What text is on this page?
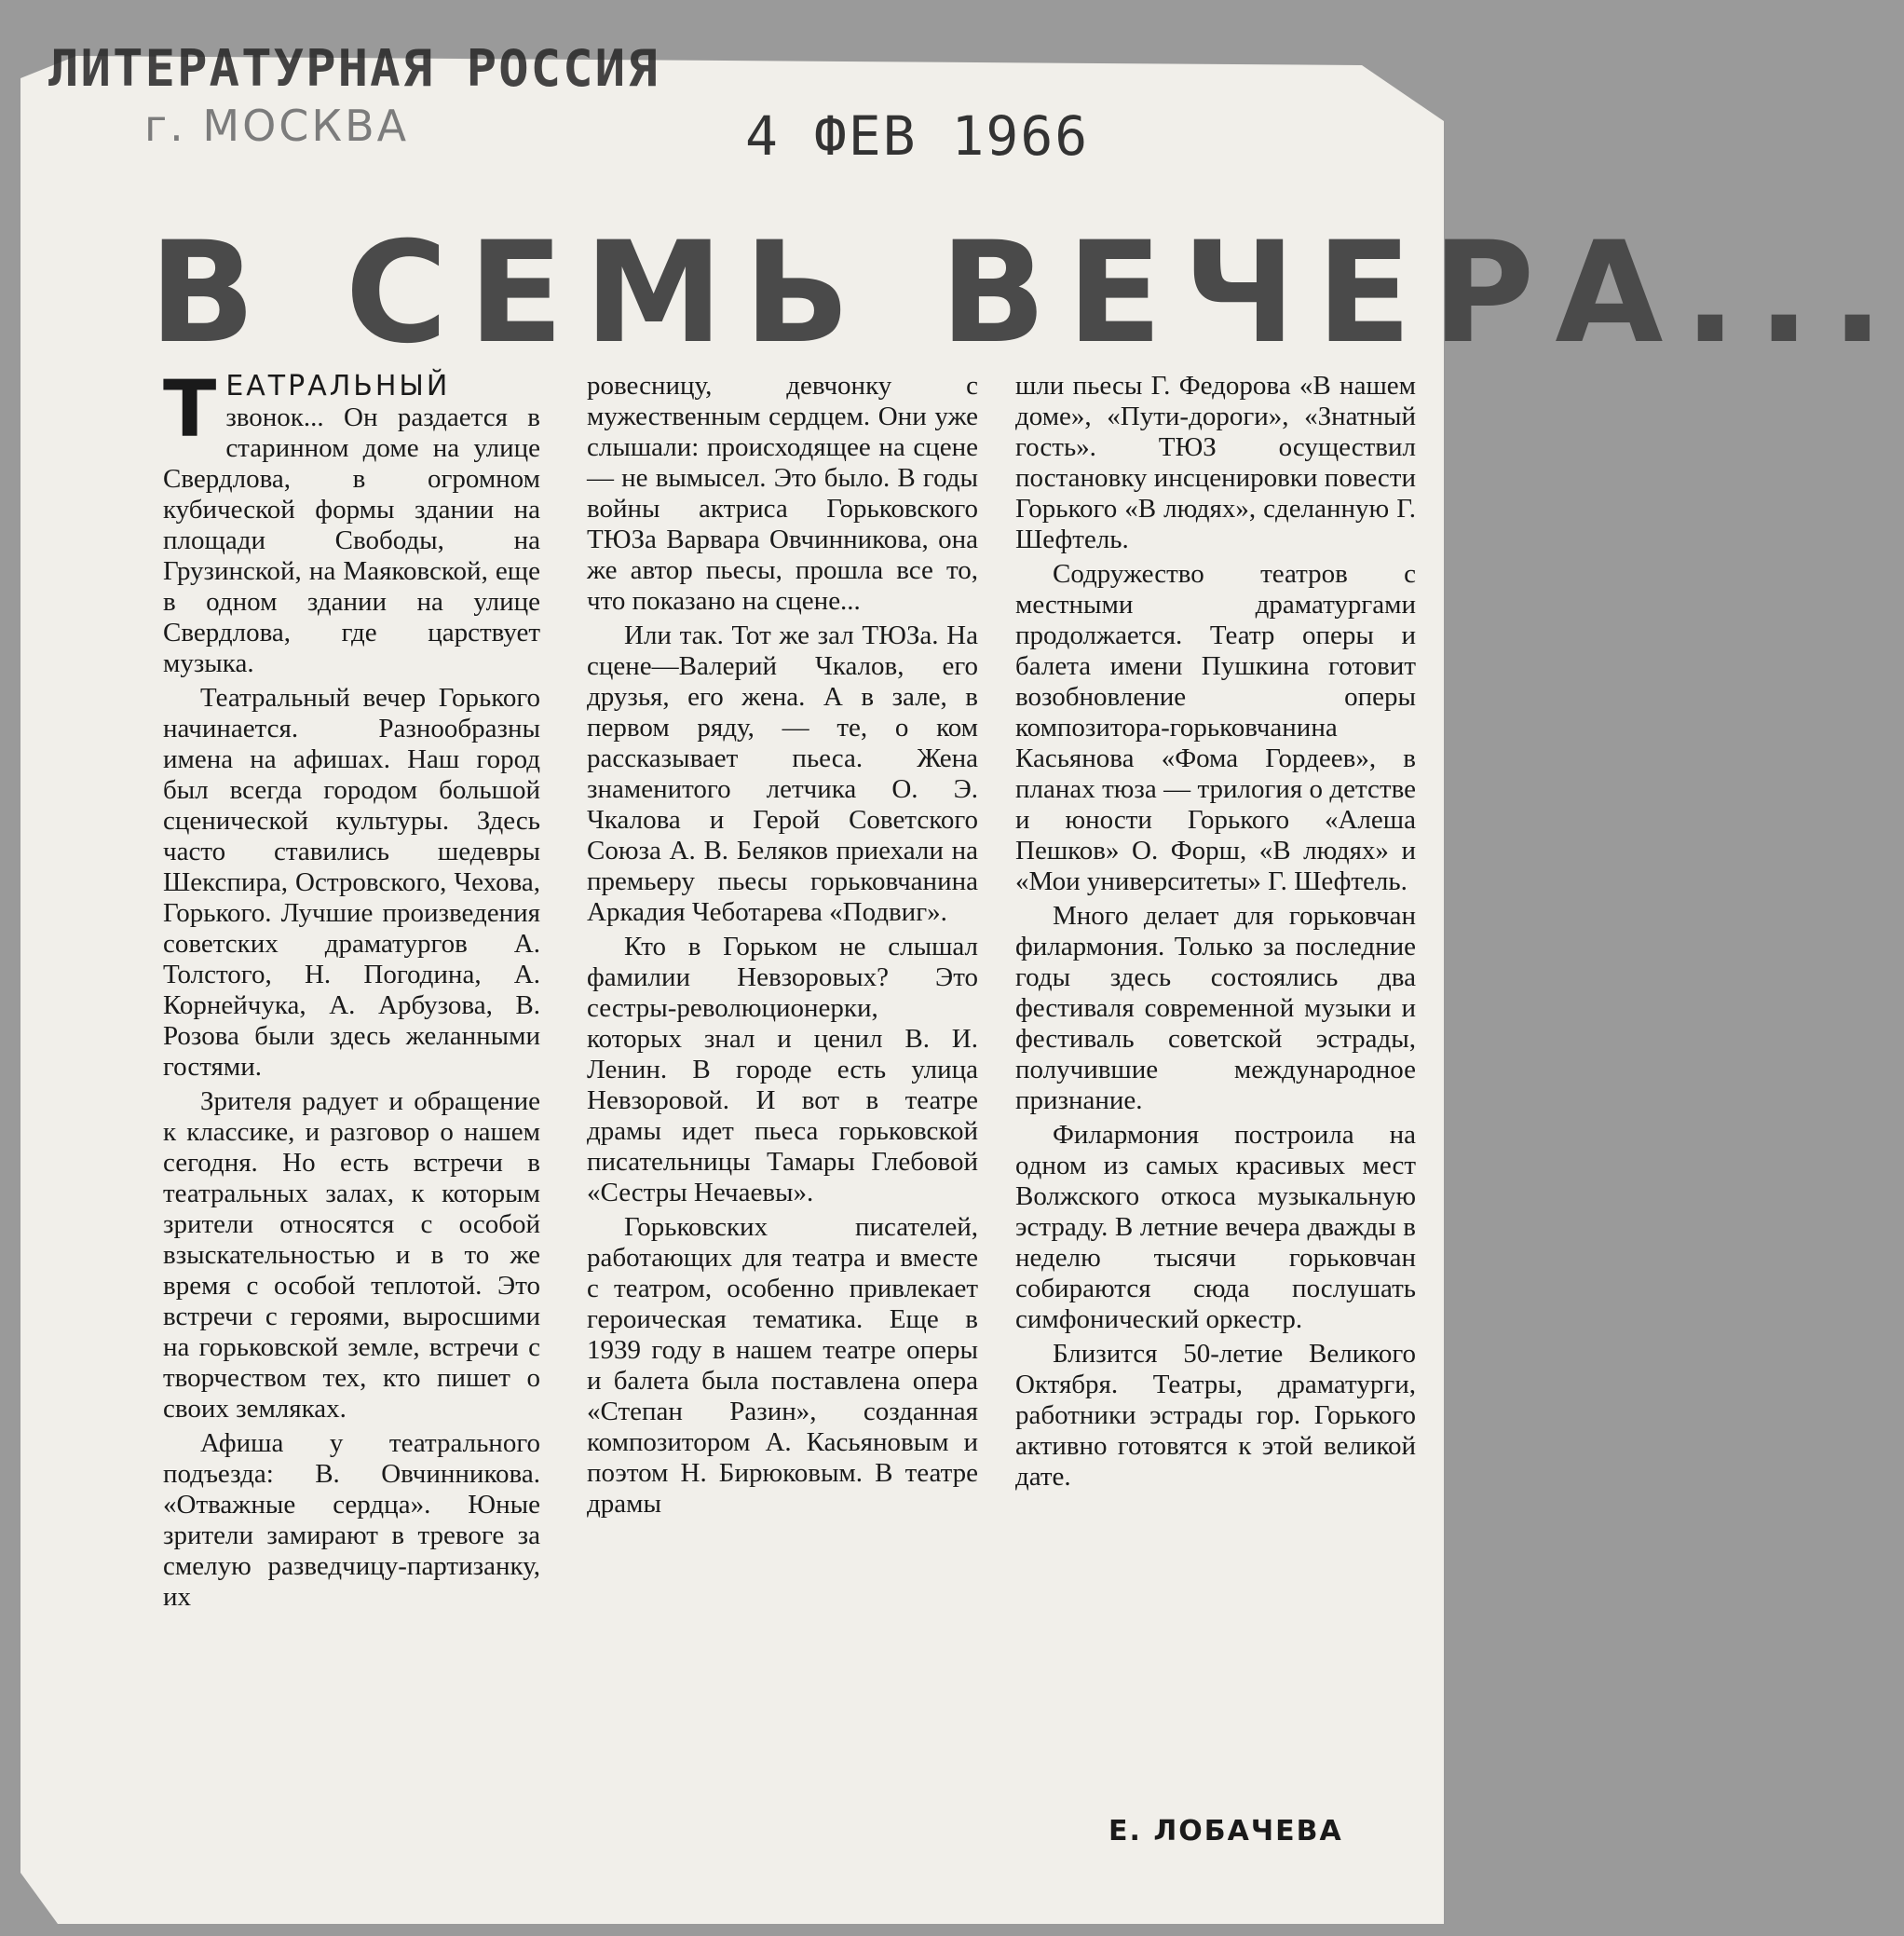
ЛИТЕРАТУРНАЯ РОССИЯ
г. МОСКВА	4 ФЕВ 1966
В СЕМЬ ВЕЧЕРА...

ТЕАТРАЛЬНЫЙ звонок... Он раздается в старинном доме на улице Свердлова, в огромном кубической формы здании на площади Свободы, на Грузинской, на Маяковской, еще в одном здании на улице Свердлова, где царствует музыка.

Театральный вечер Горького начинается. Разнообразны имена на афишах. Наш город был всегда городом большой сценической культуры. Здесь часто ставились шедевры Шекспира, Островского, Чехова, Горького. Лучшие произведения советских драматургов А. Толстого, Н. Погодина, А. Корнейчука, А. Арбузова, В. Розова были здесь желанными гостями.

Зрителя радует и обращение к классике, и разговор о нашем сегодня. Но есть встречи в театральных залах, к которым зрители относятся с особой взыскательностью и в то же время с особой теплотой. Это встречи с героями, выросшими на горьковской земле, встречи с творчеством тех, кто пишет о своих земляках.

Афиша у театрального подъезда: В. Овчинникова. «Отважные сердца». Юные зрители замирают в тревоге за смелую разведчицу-партизанку, их

ровесницу, девчонку с мужественным сердцем. Они уже слышали: происходящее на сцене — не вымысел. Это было. В годы войны актриса Горьковского ТЮЗа Варвара Овчинникова, она же автор пьесы, прошла все то, что показано на сцене...

Или так. Тот же зал ТЮЗа. На сцене—Валерий Чкалов, его друзья, его жена. А в зале, в первом ряду, — те, о ком рассказывает пьеса. Жена знаменитого летчика О. Э. Чкалова и Герой Советского Союза А. В. Беляков приехали на премьеру пьесы горьковчанина Аркадия Чеботарева «Подвиг».

Кто в Горьком не слышал фамилии Невзоровых? Это сестры-революционерки, которых знал и ценил В. И. Ленин. В городе есть улица Невзоровой. И вот в театре драмы идет пьеса горьковской писательницы Тамары Глебовой «Сестры Нечаевы».

Горьковских писателей, работающих для театра и вместе с театром, особенно привлекает героическая тематика. Еще в 1939 году в нашем театре оперы и балета была поставлена опера «Степан Разин», созданная композитором А. Касьяновым и поэтом Н. Бирюковым. В театре драмы

шли пьесы Г. Федорова «В нашем доме», «Пути-дороги», «Знатный гость». ТЮЗ осуществил постановку инсценировки повести Горького «В людях», сделанную Г. Шефтель.

Содружество театров с местными драматургами продолжается. Театр оперы и балета имени Пушкина готовит возобновление оперы композитора-горьковчанина Касьянова «Фома Гордеев», в планах тюза — трилогия о детстве и юности Горького «Алеша Пешков» О. Форш, «В людях» и «Мои университеты» Г. Шефтель.

Много делает для горьковчан филармония. Только за последние годы здесь состоялись два фестиваля современной музыки и фестиваль советской эстрады, получившие международное признание.

Филармония построила на одном из самых красивых мест Волжского откоса музыкальную эстраду. В летние вечера дважды в неделю тысячи горьковчан собираются сюда послушать симфонический оркестр.

Близится 50-летие Великого Октября. Театры, драматурги, работники эстрады гор. Горького активно готовятся к этой великой дате.

Е. ЛОБАЧЕВА
